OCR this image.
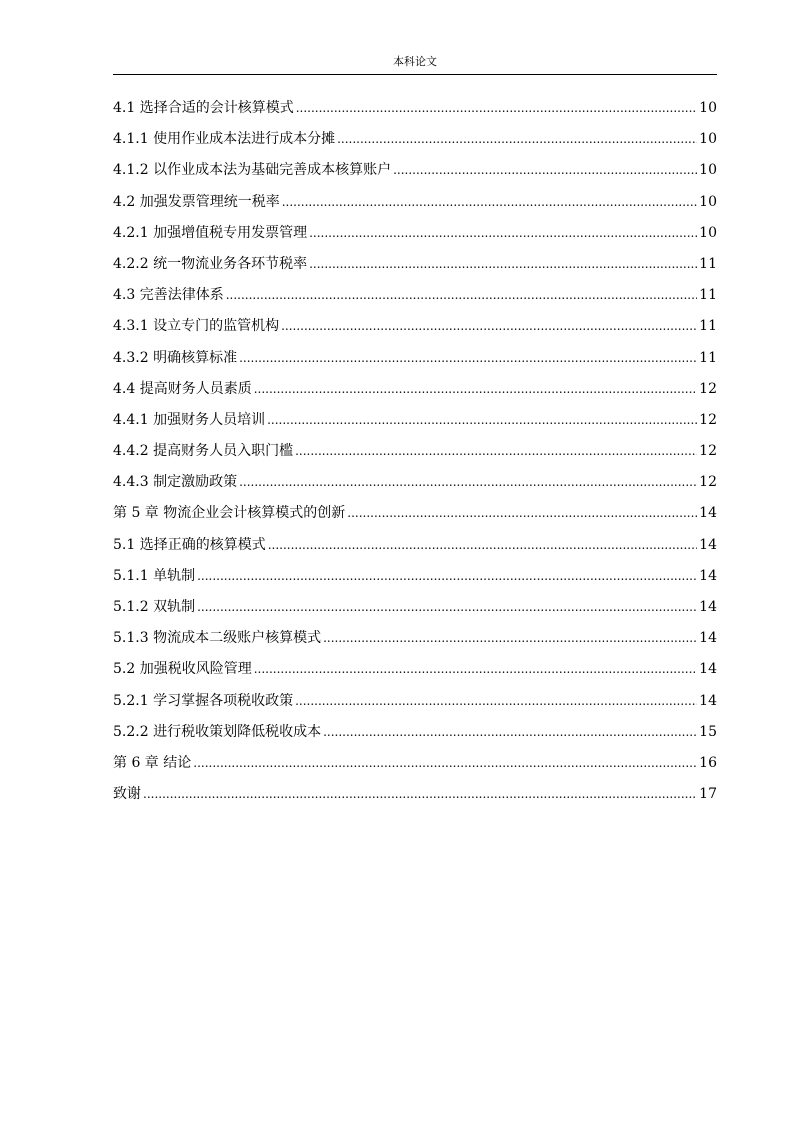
本科论文
4.1 选择合适的会计核算模式 .....	10
4.1.1 使用作业成本法进行成本分摊 .....	10
4.1.2 以作业成本法为基础完善成本核算账户 .....	10
4.2 加强发票管理统一税率 .....	10
4.2.1 加强增值税专用发票管理 .....	10
4.2.2 统一物流业务各环节税率 .....	11
4.3 完善法律体系 .....	11
4.3.1 设立专门的监管机构 .....	11
4.3.2 明确核算标准 .....	11
4.4 提高财务人员素质 .....	12
4.4.1 加强财务人员培训 .....	12
4.4.2 提高财务人员入职门槛 .....	12
4.4.3 制定激励政策 .....	12
第 5 章 物流企业会计核算模式的创新 .....	14
5.1 选择正确的核算模式 .....	14
5.1.1 单轨制 .....	14
5.1.2 双轨制 .....	14
5.1.3 物流成本二级账户核算模式 .....	14
5.2 加强税收风险管理 .....	14
5.2.1 学习掌握各项税收政策 .....	14
5.2.2 进行税收策划降低税收成本 .....	15
第 6 章 结论 .....	16
致谢 .....	17
